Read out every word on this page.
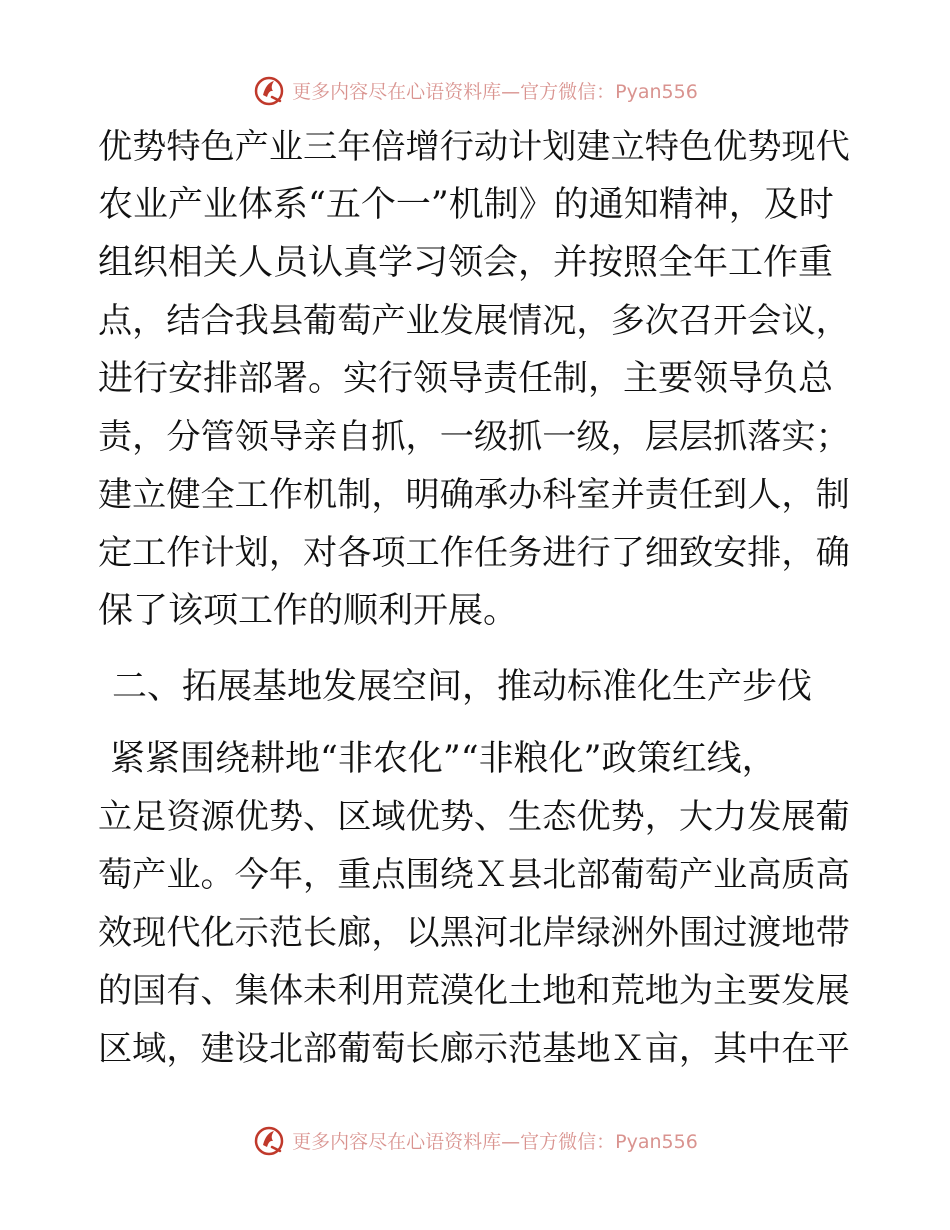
更多内容尽在心语资料库—官方微信：Pyan556
优势特色产业三年倍增行动计划建立特色优势现代
农业产业体系“五个一”机制》的通知精神，及时
组织相关人员认真学习领会，并按照全年工作重
点，结合我县葡萄产业发展情况，多次召开会议，
进行安排部署。实行领导责任制，主要领导负总
责，分管领导亲自抓，一级抓一级，层层抓落实；
建立健全工作机制，明确承办科室并责任到人，制
定工作计划，对各项工作任务进行了细致安排，确
保了该项工作的顺利开展。
二、拓展基地发展空间，推动标准化生产步伐
紧紧围绕耕地“非农化”“非粮化”政策红线，
立足资源优势、区域优势、生态优势，大力发展葡
萄产业。今年，重点围绕Ｘ县北部葡萄产业高质高
效现代化示范长廊，以黑河北岸绿洲外围过渡地带
的国有、集体未利用荒漠化土地和荒地为主要发展
区域，建设北部葡萄长廊示范基地Ｘ亩，其中在平
更多内容尽在心语资料库—官方微信：Pyan556
